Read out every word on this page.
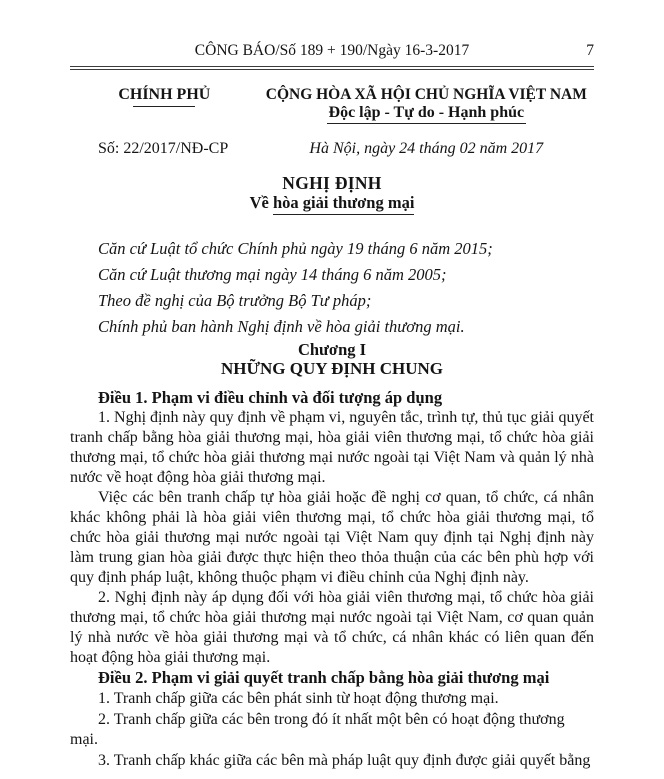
CÔNG BÁO/Số 189 + 190/Ngày 16-3-2017	7
CHÍNH PHỦ	CỘNG HÒA XÃ HỘI CHỦ NGHĨA VIỆT NAM
Độc lập - Tự do - Hạnh phúc
Số: 22/2017/NĐ-CP	Hà Nội, ngày 24 tháng 02 năm 2017
NGHỊ ĐỊNH
Về hòa giải thương mại

Căn cứ Luật tổ chức Chính phủ ngày 19 tháng 6 năm 2015;

Căn cứ Luật thương mại ngày 14 tháng 6 năm 2005;

Theo đề nghị của Bộ trưởng Bộ Tư pháp;

Chính phủ ban hành Nghị định về hòa giải thương mại.

Chương I
NHỮNG QUY ĐỊNH CHUNG
Điều 1. Phạm vi điều chỉnh và đối tượng áp dụng

1. Nghị định này quy định về phạm vi, nguyên tắc, trình tự, thủ tục giải quyết tranh chấp bằng hòa giải thương mại, hòa giải viên thương mại, tổ chức hòa giải thương mại, tổ chức hòa giải thương mại nước ngoài tại Việt Nam và quản lý nhà nước về hoạt động hòa giải thương mại.

Việc các bên tranh chấp tự hòa giải hoặc đề nghị cơ quan, tổ chức, cá nhân khác không phải là hòa giải viên thương mại, tổ chức hòa giải thương mại, tổ chức hòa giải thương mại nước ngoài tại Việt Nam quy định tại Nghị định này làm trung gian hòa giải được thực hiện theo thỏa thuận của các bên phù hợp với quy định pháp luật, không thuộc phạm vi điều chỉnh của Nghị định này.

2. Nghị định này áp dụng đối với hòa giải viên thương mại, tổ chức hòa giải thương mại, tổ chức hòa giải thương mại nước ngoài tại Việt Nam, cơ quan quản lý nhà nước về hòa giải thương mại và tổ chức, cá nhân khác có liên quan đến hoạt động hòa giải thương mại.

Điều 2. Phạm vi giải quyết tranh chấp bằng hòa giải thương mại

1. Tranh chấp giữa các bên phát sinh từ hoạt động thương mại.

2. Tranh chấp giữa các bên trong đó ít nhất một bên có hoạt động thương mại.

3. Tranh chấp khác giữa các bên mà pháp luật quy định được giải quyết bằng
